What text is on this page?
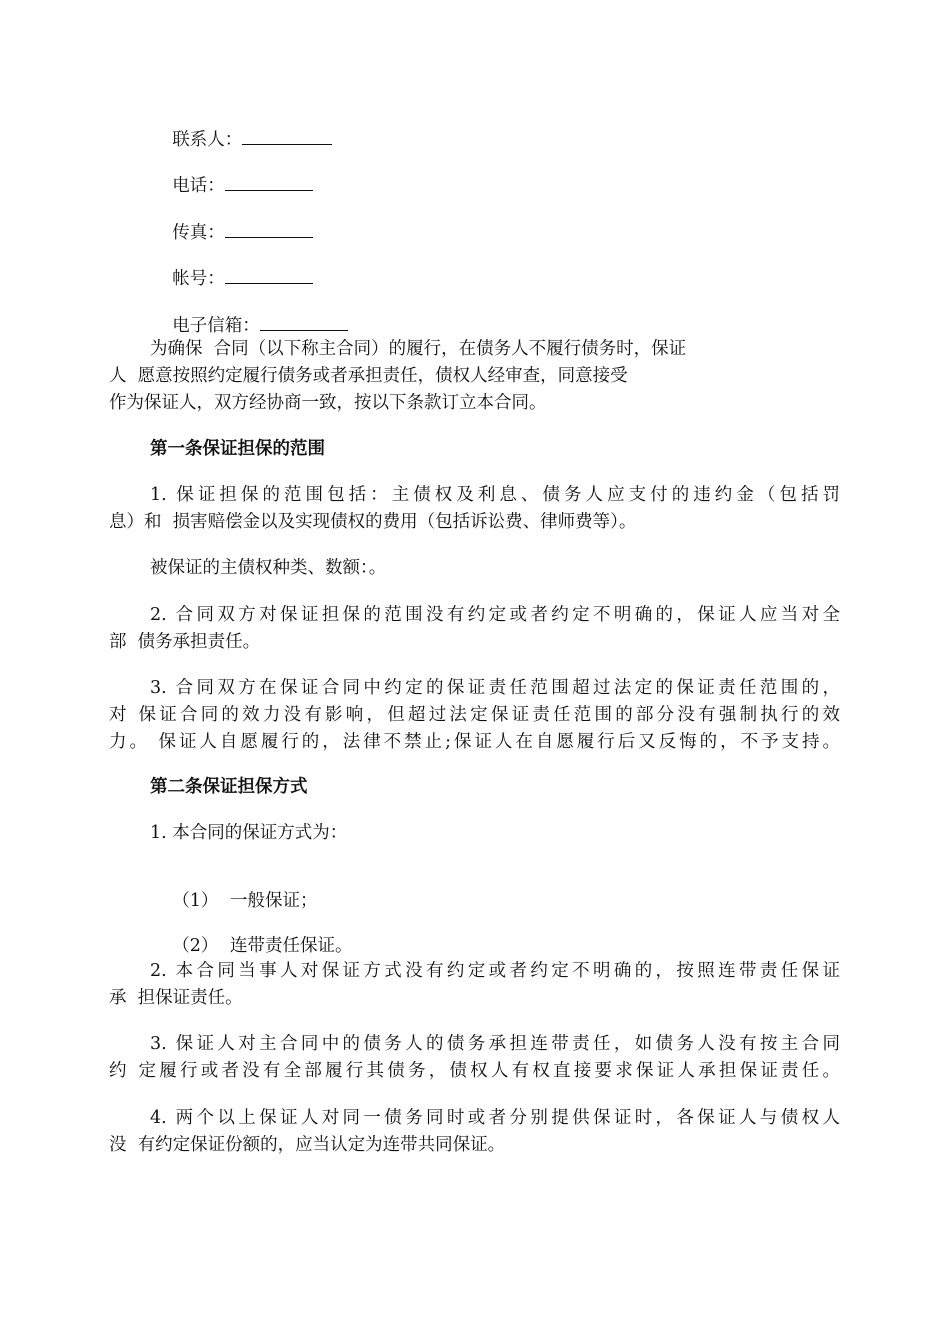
联系人：

电话：

传真：

帐号：

电子信箱：

为确保  合同（以下称主合同）的履行，在债务人不履行债务时，保证
人  愿意按照约定履行债务或者承担责任，债权人经审查，同意接受
作为保证人，双方经协商一致，按以下条款订立本合同。
第一条保证担保的范围
1. 保证担保的范围包括：主债权及利息、债务人应支付的违约金（包括罚
息）和  损害赔偿金以及实现债权的费用（包括诉讼费、律师费等）。
被保证的主债权种类、数额：。
2. 合同双方对保证担保的范围没有约定或者约定不明确的，保证人应当对全
部  债务承担责任。
3. 合同双方在保证合同中约定的保证责任范围超过法定的保证责任范围的，
对 保证合同的效力没有影响，但超过法定保证责任范围的部分没有强制执行的效
力。 保证人自愿履行的，法律不禁止;保证人在自愿履行后又反悔的，不予支持。
第二条保证担保方式
1. 本合同的保证方式为：

（1） 一般保证；

（2） 连带责任保证。

2. 本合同当事人对保证方式没有约定或者约定不明确的，按照连带责任保证
承  担保证责任。
3. 保证人对主合同中的债务人的债务承担连带责任，如债务人没有按主合同
约 定履行或者没有全部履行其债务，债权人有权直接要求保证人承担保证责任。
4. 两个以上保证人对同一债务同时或者分别提供保证时，各保证人与债权人
没  有约定保证份额的，应当认定为连带共同保证。
